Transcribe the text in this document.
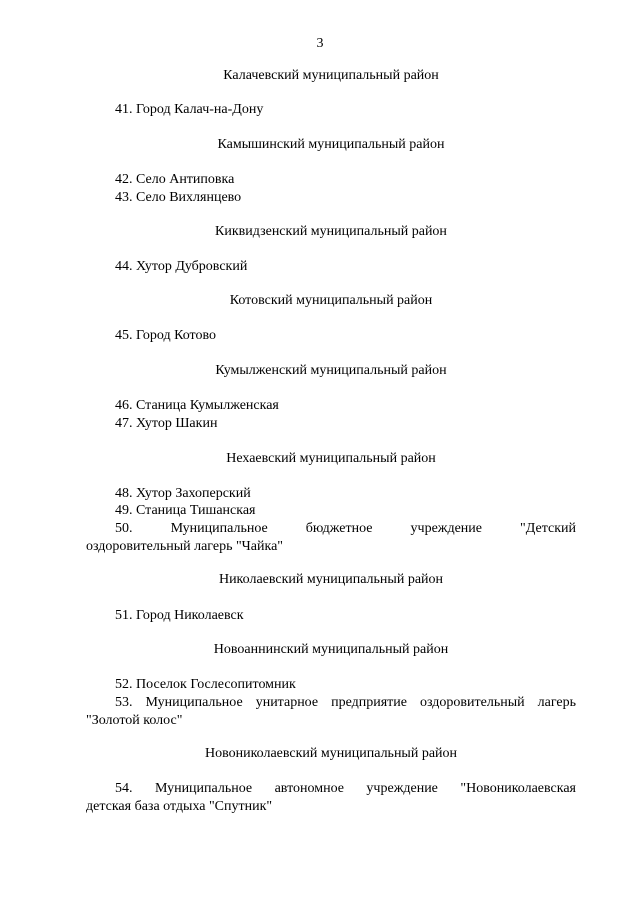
3
Калачевский муниципальный район
41. Город Калач-на-Дону
Камышинский муниципальный район
42. Село Антиповка
43. Село Вихлянцево
Киквидзенский муниципальный район
44. Хутор Дубровский
Котовский муниципальный район
45. Город Котово
Кумылженский муниципальный район
46. Станица Кумылженская
47. Хутор Шакин
Нехаевский муниципальный район
48. Хутор Захоперский
49. Станица Тишанская
50. Муниципальное бюджетное учреждение "Детский
оздоровительный лагерь "Чайка"
Николаевский муниципальный район
51. Город Николаевск
Новоаннинский муниципальный район
52. Поселок Гослесопитомник
53. Муниципальное унитарное предприятие оздоровительный лагерь
"Золотой колос"
Новониколаевский муниципальный район
54. Муниципальное автономное учреждение "Новониколаевская
детская база отдыха "Спутник"
